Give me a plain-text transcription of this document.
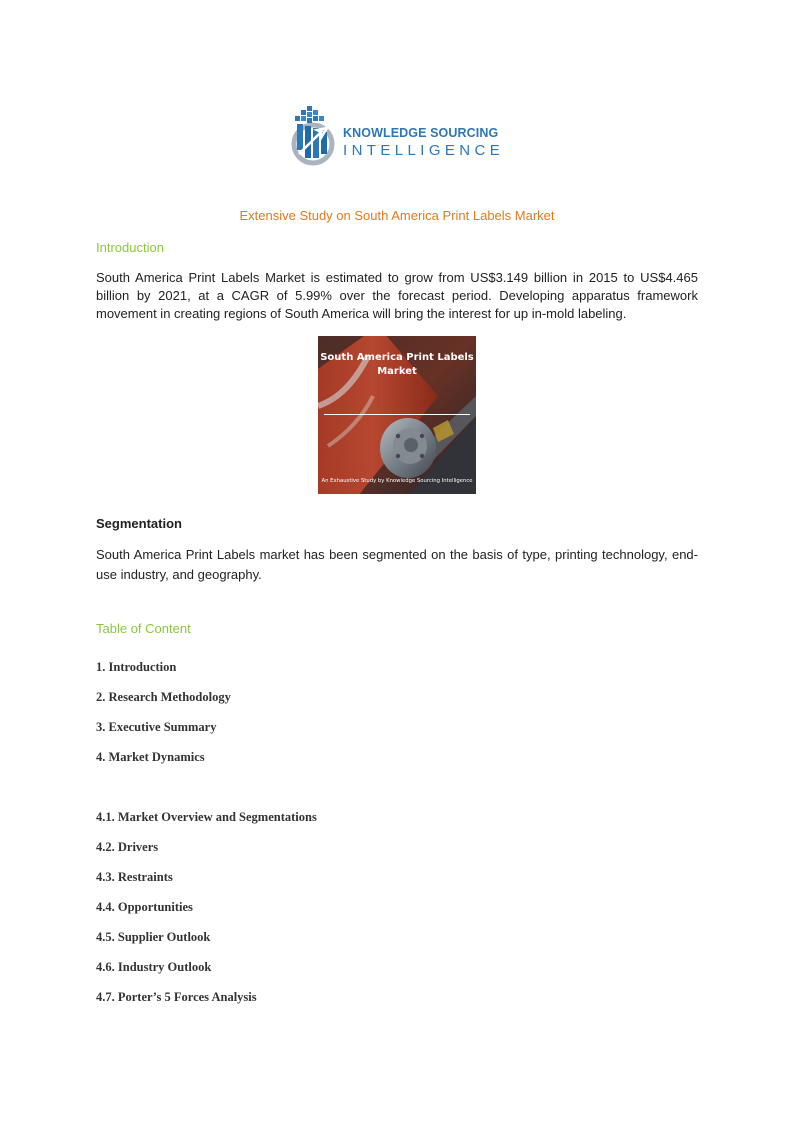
KNOWLEDGE SOURCING
INTELLIGENCE
Extensive Study on South America Print Labels Market
Introduction

South America Print Labels Market is estimated to grow from US$3.149 billion in 2015 to US$4.465 billion by 2021, at a CAGR of 5.99% over the forecast period. Developing apparatus framework movement in creating regions of South America will bring the interest for up in-mold labeling.

South America Print Labels Market
An Exhaustive Study by Knowledge Sourcing Intelligence
Segmentation

South America Print Labels market has been segmented on the basis of type, printing technology, end-use industry, and geography.

Table of Content
1. Introduction
2. Research Methodology
3. Executive Summary
4. Market Dynamics
4.1. Market Overview and Segmentations
4.2. Drivers
4.3. Restraints
4.4. Opportunities
4.5. Supplier Outlook
4.6. Industry Outlook
4.7. Porter’s 5 Forces Analysis
